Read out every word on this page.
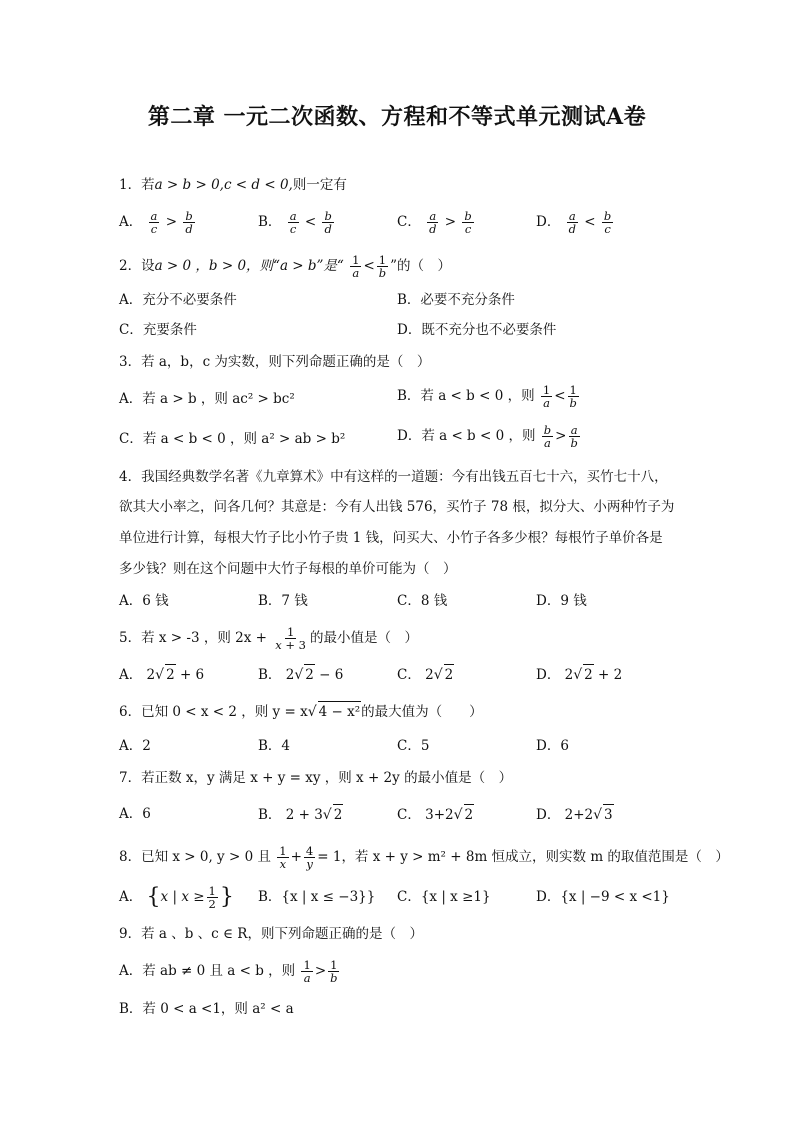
第二章 一元二次函数、方程和不等式单元测试A卷
1．若a > b > 0,c < d < 0,则一定有
A． $\frac{a}{c} > \frac{b}{d}$	B． $\frac{a}{c} < \frac{b}{d}$	C． $\frac{a}{d} > \frac{b}{c}$	D． $\frac{a}{d} < \frac{b}{c}$
2．设a > 0 ，b > 0，则“a > b”是“ $\frac{1}{a} < \frac{1}{b}$ ”的（　）
A．充分不必要条件	B．必要不充分条件
C．充要条件	D．既不充分也不必要条件
3．若 a，b，c 为实数，则下列命题正确的是（　）
A．若 a > b ，则 ac² > bc²	B．若 a < b < 0 ，则 $\frac{1}{a} < \frac{1}{b}$
C．若 a < b < 0 ，则 a² > ab > b²	D．若 a < b < 0 ，则 $\frac{b}{a} > \frac{a}{b}$
4．我国经典数学名著《九章算术》中有这样的一道题：今有出钱五百七十六，买竹七十八，
欲其大小率之，问各几何？其意是：今有人出钱 576，买竹子 78 根，拟分大、小两种竹子为
单位进行计算，每根大竹子比小竹子贵 1 钱，问买大、小竹子各多少根？每根竹子单价各是
多少钱？则在这个问题中大竹子每根的单价可能为（　）
A．6 钱	B．7 钱	C．8 钱	D．9 钱
5．若 x > -3 ，则 $2x + \frac{1}{x + 3}$ 的最小值是（　）
A． 2√ 2 + 6	B． 2√ 2 − 6	C． 2√ 2	D． 2√ 2 + 2
6．已知 0 < x < 2 ，则 y = x√ 4 − x²的最大值为（　　）
A．2	B．4	C．5	D．6
7．若正数 x，y 满足 x + y = xy ，则 x + 2y 的最小值是（　）
A．6	B． 2 + 3√ 2	C． 3+2√ 2	D． 2+2√ 3
8．已知 x > 0, y > 0 且 $\frac{1}{x} + \frac{4}{y} = 1$，若 x + y > m² + 8m 恒成立，则实数 m 的取值范围是（　）
A． {x | $x \ge \frac{1}{2}$ } B．{x | x ≤ −3}} C．{x | x ≥1}	D．{x | −9 < x <1}
9．若 a 、b 、c ∈ R，则下列命题正确的是（　）
A．若 ab ≠ 0 且 a < b ，则 $\frac{1}{a} > \frac{1}{b}$
B．若 0 < a <1，则 a² < a
